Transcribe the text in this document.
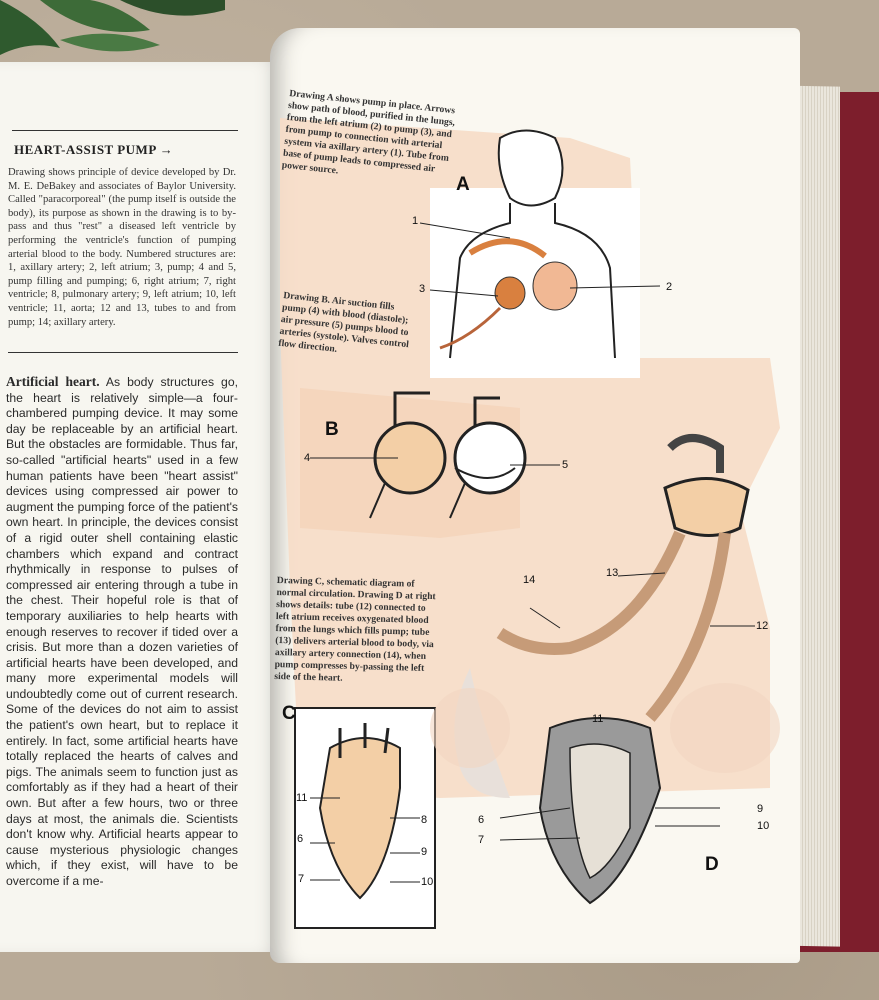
HEART-ASSIST PUMP →
Drawing shows principle of device developed by Dr. M. E. DeBakey and associates of Baylor University. Called "paracorporeal" (the pump itself is outside the body), its purpose as shown in the drawing is to by-pass and thus "rest" a diseased left ventricle by performing the ventricle's function of pumping arterial blood to the body. Numbered structures are: 1, axillary artery; 2, left atrium; 3, pump; 4 and 5, pump filling and pumping; 6, right atrium; 7, right ventricle; 8, pulmonary artery; 9, left atrium; 10, left ventricle; 11, aorta; 12 and 13, tubes to and from pump; 14; axillary artery.
Artificial heart. As body structures go, the heart is relatively simple—a four-chambered pumping device. It may some day be replaceable by an artificial heart. But the obstacles are formidable. Thus far, so-called "artificial hearts" used in a few human patients have been "heart assist" devices using compressed air power to augment the pumping force of the patient's own heart. In principle, the devices consist of a rigid outer shell containing elastic chambers which expand and contract rhythmically in response to pulses of compressed air entering through a tube in the chest. Their hopeful role is that of temporary auxiliaries to help hearts with enough reserves to recover if tided over a crisis. But more than a dozen varieties of artificial hearts have been developed, and many more experimental models will undoubtedly come out of current research. Some of the devices do not aim to assist the patient's own heart, but to replace it entirely. In fact, some artificial hearts have totally replaced the hearts of calves and pigs. The animals seem to function just as comfortably as if they had a heart of their own. But after a few hours, two or three days at most, the animals die. Scientists don't know why. Artificial hearts appear to cause mysterious physiologic changes which, if they exist, will have to be overcome if a me-
Drawing A shows pump in place. Arrows show path of blood, purified in the lungs, from the left atrium (2) to pump (3), and from pump to connection with arterial system via axillary artery (1). Tube from base of pump leads to compressed air power source.
Drawing B. Air suction fills pump (4) with blood (diastole); air pressure (5) pumps blood to arteries (systole). Valves control flow direction.
Drawing C, schematic diagram of normal circulation. Drawing D at right shows details: tube (12) connected to left atrium receives oxygenated blood from the lungs which fills pump; tube (13) delivers arterial blood to body, via axillary artery connection (14), when pump compresses by-passing the left side of the heart.
A
B
C
D
1
2
3
4
5
6
7
9
10
11
12
13
14
11
8
6
9
7	10
